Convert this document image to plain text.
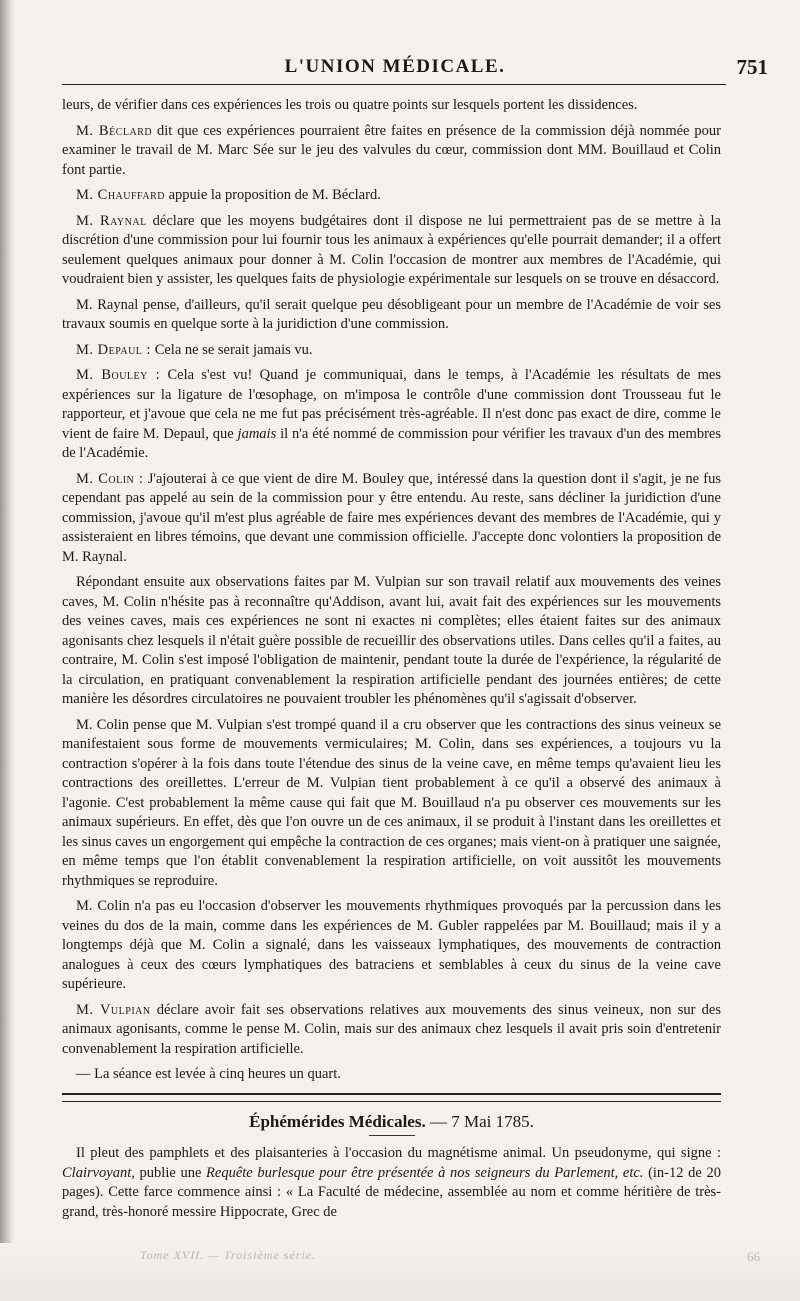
Tome XVII. — Troisième série.	66
L'UNION MÉDICALE.	751

leurs, de vérifier dans ces expériences les trois ou quatre points sur lesquels portent les dissidences.

M. Béclard dit que ces expériences pourraient être faites en présence de la commission déjà nommée pour examiner le travail de M. Marc Sée sur le jeu des valvules du cœur, commission dont MM. Bouillaud et Colin font partie.

M. Chauffard appuie la proposition de M. Béclard.

M. Raynal déclare que les moyens budgétaires dont il dispose ne lui permettraient pas de se mettre à la discrétion d'une commission pour lui fournir tous les animaux à expériences qu'elle pourrait demander; il a offert seulement quelques animaux pour donner à M. Colin l'occasion de montrer aux membres de l'Académie, qui voudraient bien y assister, les quelques faits de physiologie expérimentale sur lesquels on se trouve en désaccord.

M. Raynal pense, d'ailleurs, qu'il serait quelque peu désobligeant pour un membre de l'Académie de voir ses travaux soumis en quelque sorte à la juridiction d'une commission.

M. Depaul : Cela ne se serait jamais vu.

M. Bouley : Cela s'est vu! Quand je communiquai, dans le temps, à l'Académie les résultats de mes expériences sur la ligature de l'œsophage, on m'imposa le contrôle d'une commission dont Trousseau fut le rapporteur, et j'avoue que cela ne me fut pas précisément très-agréable. Il n'est donc pas exact de dire, comme le vient de faire M. Depaul, que jamais il n'a été nommé de commission pour vérifier les travaux d'un des membres de l'Académie.

M. Colin : J'ajouterai à ce que vient de dire M. Bouley que, intéressé dans la question dont il s'agit, je ne fus cependant pas appelé au sein de la commission pour y être entendu. Au reste, sans décliner la juridiction d'une commission, j'avoue qu'il m'est plus agréable de faire mes expériences devant des membres de l'Académie, qui y assisteraient en libres témoins, que devant une commission officielle. J'accepte donc volontiers la proposition de M. Raynal.

Répondant ensuite aux observations faites par M. Vulpian sur son travail relatif aux mouvements des veines caves, M. Colin n'hésite pas à reconnaître qu'Addison, avant lui, avait fait des expériences sur les mouvements des veines caves, mais ces expériences ne sont ni exactes ni complètes; elles étaient faites sur des animaux agonisants chez lesquels il n'était guère possible de recueillir des observations utiles. Dans celles qu'il a faites, au contraire, M. Colin s'est imposé l'obligation de maintenir, pendant toute la durée de l'expérience, la régularité de la circulation, en pratiquant convenablement la respiration artificielle pendant des journées entières; de cette manière les désordres circulatoires ne pouvaient troubler les phénomènes qu'il s'agissait d'observer.

M. Colin pense que M. Vulpian s'est trompé quand il a cru observer que les contractions des sinus veineux se manifestaient sous forme de mouvements vermiculaires; M. Colin, dans ses expériences, a toujours vu la contraction s'opérer à la fois dans toute l'étendue des sinus de la veine cave, en même temps qu'avaient lieu les contractions des oreillettes. L'erreur de M. Vulpian tient probablement à ce qu'il a observé des animaux à l'agonie. C'est probablement la même cause qui fait que M. Bouillaud n'a pu observer ces mouvements sur les animaux supérieurs. En effet, dès que l'on ouvre un de ces animaux, il se produit à l'instant dans les oreillettes et les sinus caves un engorgement qui empêche la contraction de ces organes; mais vient-on à pratiquer une saignée, en même temps que l'on établit convenablement la respiration artificielle, on voit aussitôt les mouvements rhythmiques se reproduire.

M. Colin n'a pas eu l'occasion d'observer les mouvements rhythmiques provoqués par la percussion dans les veines du dos de la main, comme dans les expériences de M. Gubler rappelées par M. Bouillaud; mais il y a longtemps déjà que M. Colin a signalé, dans les vaisseaux lymphatiques, des mouvements de contraction analogues à ceux des cœurs lymphatiques des batraciens et semblables à ceux du sinus de la veine cave supérieure.

M. Vulpian déclare avoir fait ses observations relatives aux mouvements des sinus veineux, non sur des animaux agonisants, comme le pense M. Colin, mais sur des animaux chez lesquels il avait pris soin d'entretenir convenablement la respiration artificielle.

— La séance est levée à cinq heures un quart.

Éphémérides Médicales. — 7 Mai 1785.

Il pleut des pamphlets et des plaisanteries à l'occasion du magnétisme animal. Un pseudonyme, qui signe : Clairvoyant, publie une Requête burlesque pour être présentée à nos seigneurs du Parlement, etc. (in-12 de 20 pages). Cette farce commence ainsi : « La Faculté de médecine, assemblée au nom et comme héritière de très-grand, très-honoré messire Hippocrate, Grec de
